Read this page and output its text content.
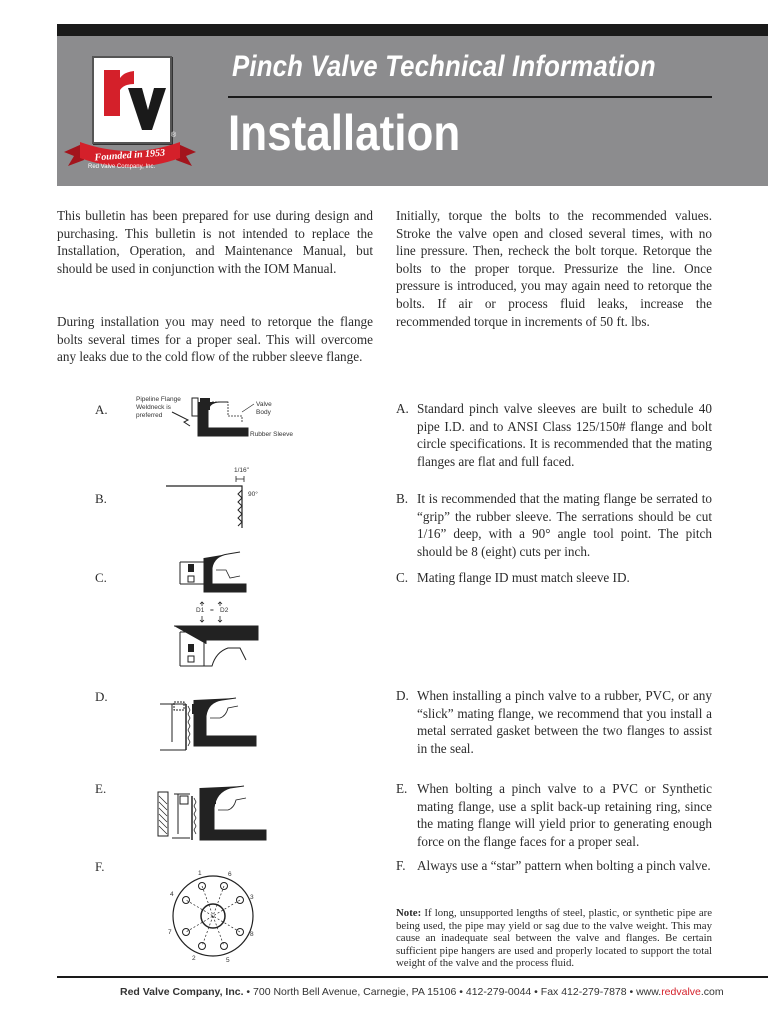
®
Founded in 1953
Red Valve Company, Inc.
Pinch Valve Technical Information
Installation
This bulletin has been prepared for use during design and purchasing. This bulletin is not intended to replace the Installation, Operation, and Maintenance Manual, but should be used in conjunction with the IOM Manual.
During installation you may need to retorque the flange bolts several times for a proper seal. This will overcome any leaks due to the cold flow of the rubber sleeve flange.
Initially, torque the bolts to the recommended values. Stroke the valve open and closed several times, with no line pressure. Then, recheck the bolt torque. Retorque the bolts to the proper torque. Pressurize the line. Once pressure is introduced, you may again need to retorque the bolts. If air or process fluid leaks, increase the recommended torque in increments of 50 ft. lbs.
A.
B.
C.
D.
E.
F.
Pipeline Flange
Weldneck is
preferred
Valve
Body
Rubber Sleeve
1/16"
90°
D1 = D2
1	6
3
8
5
2
7
4
A. Standard pinch valve sleeves are built to schedule 40 pipe I.D. and to ANSI Class 125/150# flange and bolt circle specifications. It is recommended that the mating flanges are flat and full faced.
B. It is recommended that the mating flange be serrated to “grip” the rubber sleeve. The serrations should be cut 1/16” deep, with a 90° angle tool point. The pitch should be 8 (eight) cuts per inch.
C. Mating flange ID must match sleeve ID.
D. When installing a pinch valve to a rubber, PVC, or any “slick” mating flange, we recommend that you install a metal serrated gasket between the two flanges to assist in the seal.
E. When bolting a pinch valve to a PVC or Synthetic mating flange, use a split back-up retaining ring, since the mating flange will yield prior to generating enough force on the flange faces for a proper seal.
F. Always use a “star” pattern when bolting a pinch valve.
Note: If long, unsupported lengths of steel, plastic, or synthetic pipe are being used, the pipe may yield or sag due to the valve weight. This may cause an inadequate seal between the valve and flanges. Be certain sufficient pipe hangers are used and properly located to support the total weight of the valve and the process fluid.
Red Valve Company, Inc. • 700 North Bell Avenue, Carnegie, PA 15106 • 412-279-0044 • Fax 412-279-7878 • www.redvalve.com
